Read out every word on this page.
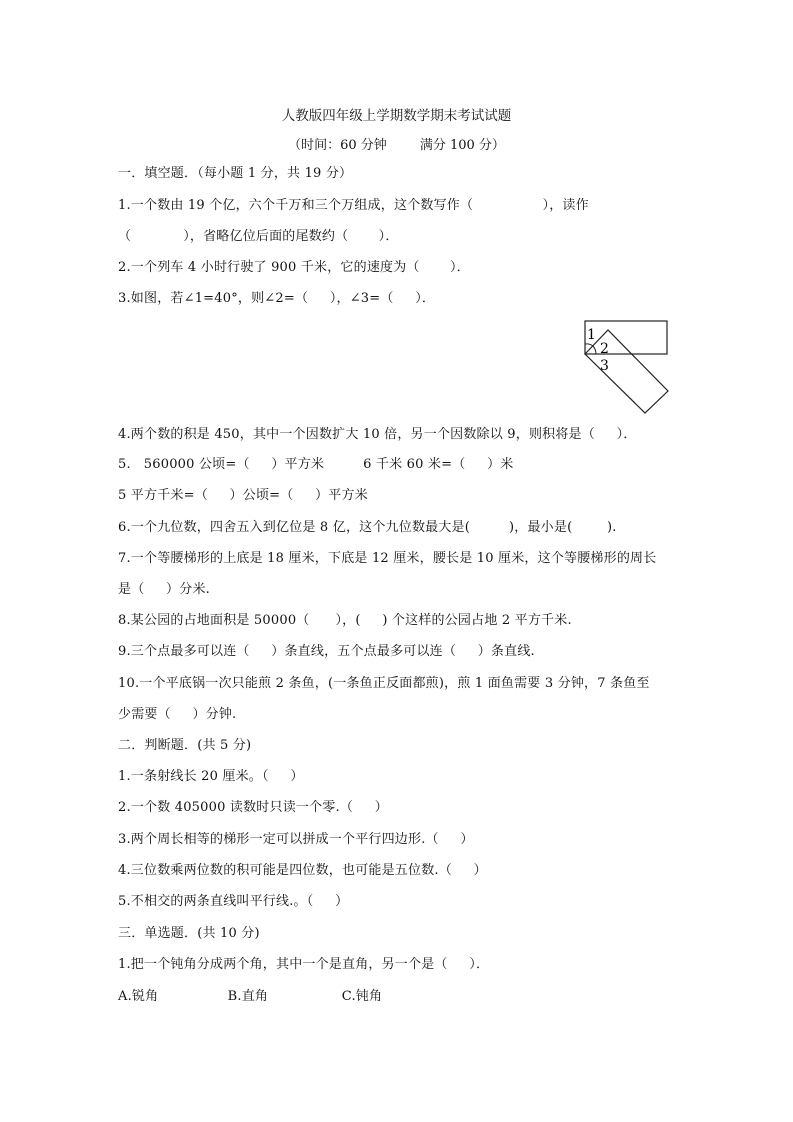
人教版四年级上学期数学期末考试试题
（时间：60 分钟        满分 100 分）
一．填空题．（每小题 1 分，共 19 分）
1.一个数由 19 个亿，六个千万和三个万组成，这个数写作（                ），读作
（            ），省略亿位后面的尾数约（       ）．
2.一个列车 4 小时行驶了 900 千米，它的速度为（       ）．
3.如图，若∠1=40°，则∠2=（     ），∠3=（     ）．
1
2
3
4.两个数的积是 450，其中一个因数扩大 10 倍，另一个因数除以 9，则积将是（     ）．
5.   560000 公顷=（     ）平方米         6 千米 60 米=（     ）米
5 平方千米=（     ）公顷=（     ）平方米
6.一个九位数，四舍五入到亿位是 8 亿，这个九位数最大是(         )，最小是(        ).
7.一个等腰梯形的上底是 18 厘米，下底是 12 厘米，腰长是 10 厘米，这个等腰梯形的周长
是（     ）分米.
8.某公园的占地面积是 50000（      ），(     ) 个这样的公园占地 2 平方千米.
9.三个点最多可以连（     ）条直线，五个点最多可以连（     ）条直线.
10.一个平底锅一次只能煎 2 条鱼，(一条鱼正反面都煎)，煎 1 面鱼需要 3 分钟，7 条鱼至
少需要（     ）分钟.
二．判断题．(共 5 分)
1.一条射线长 20 厘米。（     ）
2.一个数 405000 读数时只读一个零.（     ）
3.两个周长相等的梯形一定可以拼成一个平行四边形.（     ）
4.三位数乘两位数的积可能是四位数，也可能是五位数.（     ）
5.不相交的两条直线叫平行线.。（     ）
三．单选题．(共 10 分)
1.把一个钝角分成两个角，其中一个是直角，另一个是（     ）．
A.锐角                B.直角                 C.钝角
